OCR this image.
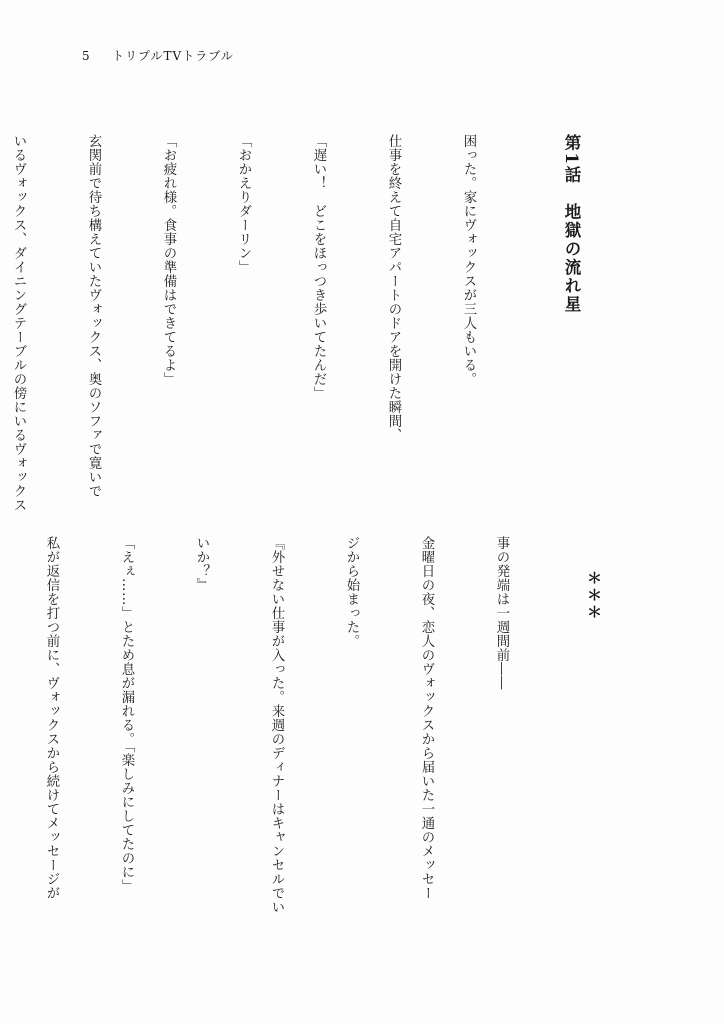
5 トリプルTVトラブル

第1話　地獄の流れ星

困った。家にヴォックスが三人もいる。

仕事を終えて自宅アパートのドアを開けた瞬間、

「遅い！　どこをほっつき歩いてたんだ」

「おかえりダーリン」

「お疲れ様。食事の準備はできてるよ」

玄関前で待ち構えていたヴォックス、奥のソファで寛いで

いるヴォックス、ダイニングテーブルの傍にいるヴォックス

＊＊＊

事の発端は一週間前――

金曜日の夜、恋人のヴォックスから届いた一通のメッセー

ジから始まった。

『外せない仕事が入った。来週のディナーはキャンセルでい

いか？』

「えぇ……」とため息が漏れる。「楽しみにしてたのに」

私が返信を打つ前に、ヴォックスから続けてメッセージが
